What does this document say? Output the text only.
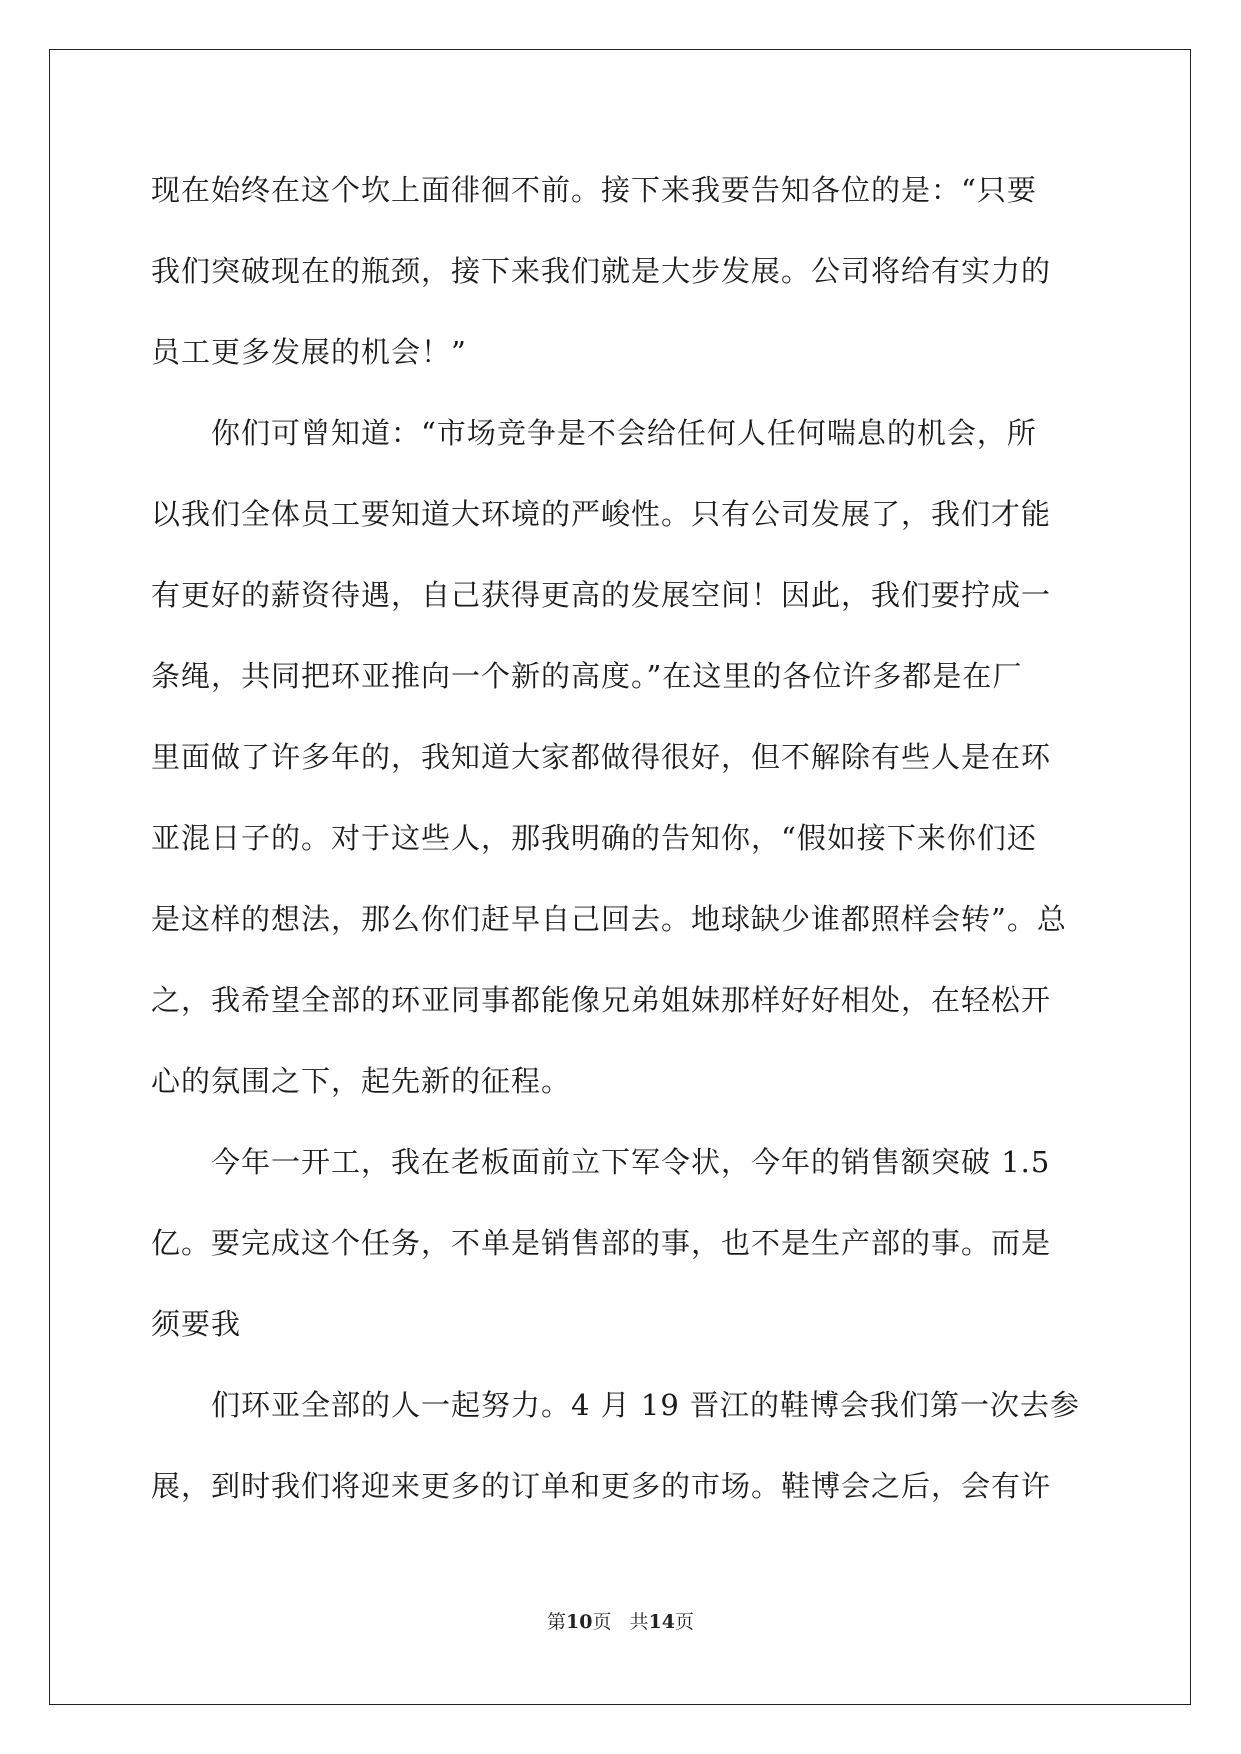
现在始终在这个坎上面徘徊不前。接下来我要告知各位的是：“只要
我们突破现在的瓶颈，接下来我们就是大步发展。公司将给有实力的
员工更多发展的机会！”
　　你们可曾知道：“市场竞争是不会给任何人任何喘息的机会，所
以我们全体员工要知道大环境的严峻性。只有公司发展了，我们才能
有更好的薪资待遇，自己获得更高的发展空间！因此，我们要拧成一
条绳，共同把环亚推向一个新的高度。”在这里的各位许多都是在厂
里面做了许多年的，我知道大家都做得很好，但不解除有些人是在环
亚混日子的。对于这些人，那我明确的告知你，“假如接下来你们还
是这样的想法，那么你们赶早自己回去。地球缺少谁都照样会转”。总
之，我希望全部的环亚同事都能像兄弟姐妹那样好好相处，在轻松开
心的氛围之下，起先新的征程。
　　今年一开工，我在老板面前立下军令状，今年的销售额突破 1.5
亿。要完成这个任务，不单是销售部的事，也不是生产部的事。而是
须要我
　　们环亚全部的人一起努力。4 月 19 晋江的鞋博会我们第一次去参
展，到时我们将迎来更多的订单和更多的市场。鞋博会之后，会有许
第10页 共14页
